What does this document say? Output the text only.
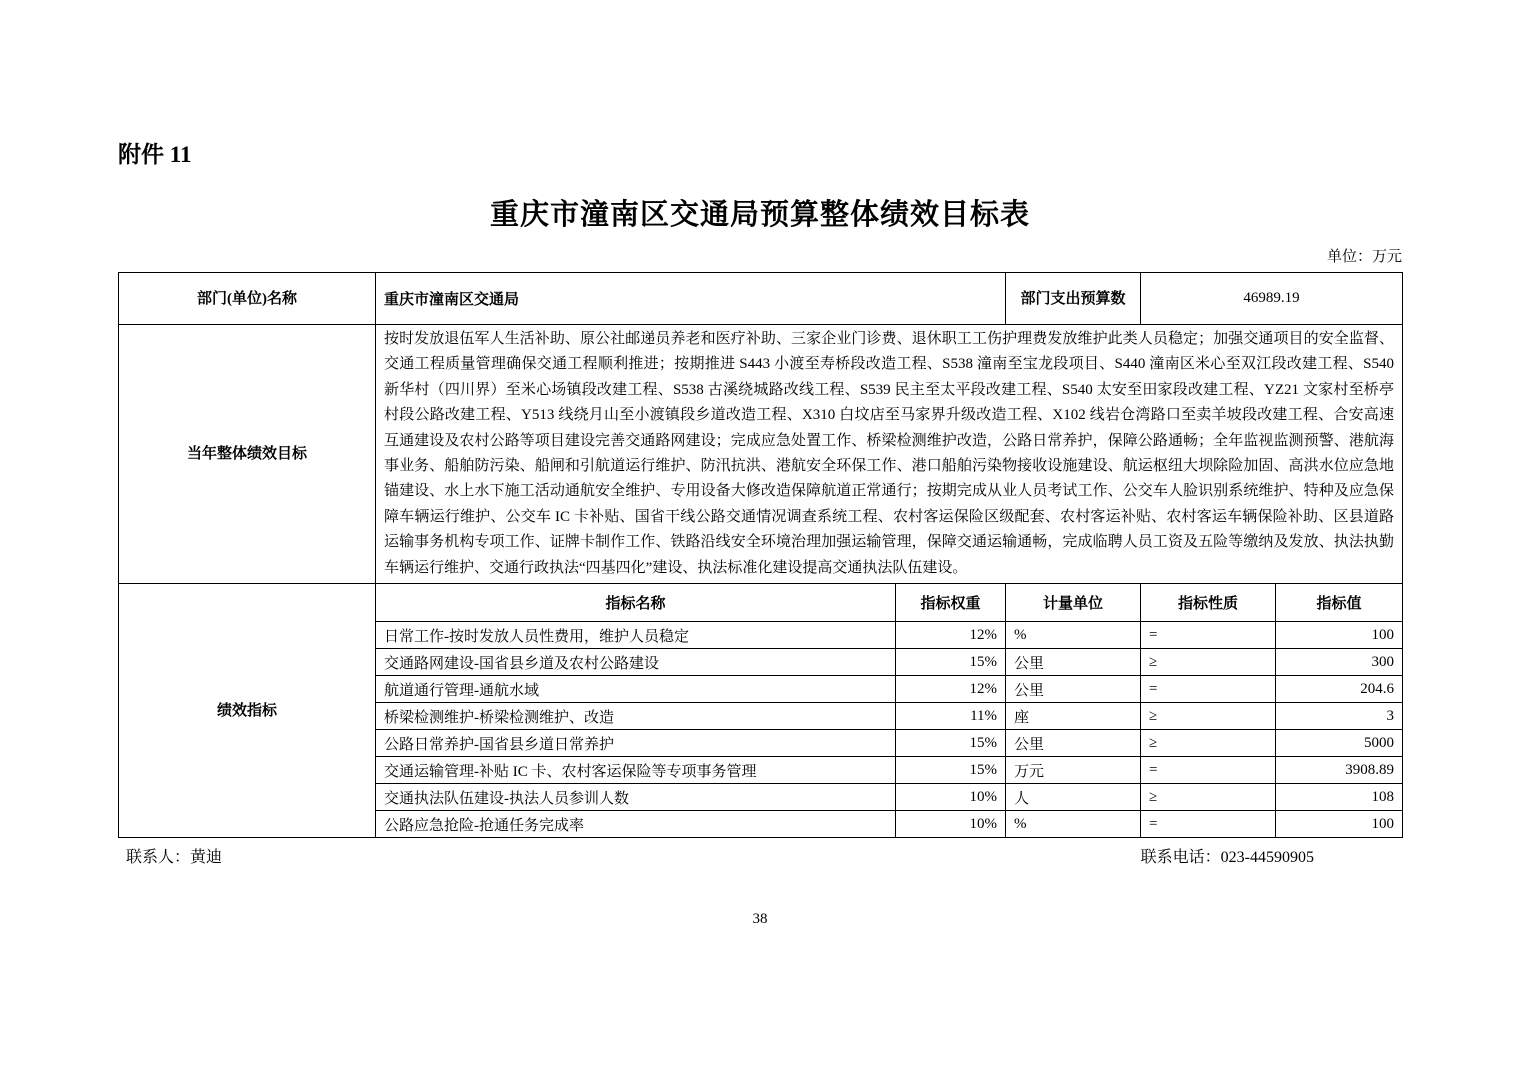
附件 11
重庆市潼南区交通局预算整体绩效目标表
单位：万元
部门(单位)名称	重庆市潼南区交通局		部门支出预算数	46989.19	
当年整体绩效目标	按时发放退伍军人生活补助、原公社邮递员养老和医疗补助、三家企业门诊费、退休职工工伤护理费发放维护此类人员稳定；加强交通项目的安全监督、交通工程质量管理确保交通工程顺利推进；按期推进 S443 小渡至寿桥段改造工程、S538 潼南至宝龙段项目、S440 潼南区米心至双江段改建工程、S540 新华村（四川界）至米心场镇段改建工程、S538 古溪绕城路改线工程、S539 民主至太平段改建工程、S540 太安至田家段改建工程、YZ21 文家村至桥亭村段公路改建工程、Y513 线绕月山至小渡镇段乡道改造工程、X310 白坟店至马家界升级改造工程、X102 线岩仓湾路口至卖羊坡段改建工程、合安高速互通建设及农村公路等项目建设完善交通路网建设；完成应急处置工作、桥梁检测维护改造，公路日常养护，保障公路通畅；全年监视监测预警、港航海事业务、船舶防污染、船闸和引航道运行维护、防汛抗洪、港航安全环保工作、港口船舶污染物接收设施建设、航运枢纽大坝除险加固、高洪水位应急地锚建设、水上水下施工活动通航安全维护、专用设备大修改造保障航道正常通行；按期完成从业人员考试工作、公交车人脸识别系统维护、特种及应急保障车辆运行维护、公交车 IC 卡补贴、国省干线公路交通情况调查系统工程、农村客运保险区级配套、农村客运补贴、农村客运车辆保险补助、区县道路运输事务机构专项工作、证牌卡制作工作、铁路沿线安全环境治理加强运输管理，保障交通运输通畅，完成临聘人员工资及五险等缴纳及发放、执法执勤车辆运行维护、交通行政执法“四基四化”建设、执法标准化建设提高交通执法队伍建设。				
绩效指标	指标名称	指标权重	计量单位	指标性质	指标值
	日常工作-按时发放人员性费用，维护人员稳定	12%	%	=	100
	交通路网建设-国省县乡道及农村公路建设	15%	公里	≥	300
	航道通行管理-通航水域	12%	公里	=	204.6
	桥梁检测维护-桥梁检测维护、改造	11%	座	≥	3
	公路日常养护-国省县乡道日常养护	15%	公里	≥	5000
	交通运输管理-补贴 IC 卡、农村客运保险等专项事务管理	15%	万元	=	3908.89
	交通执法队伍建设-执法人员参训人数	10%	人	≥	108
	公路应急抢险-抢通任务完成率	10%	%	=	100
联系人：黄迪	联系电话：023-44590905
38
